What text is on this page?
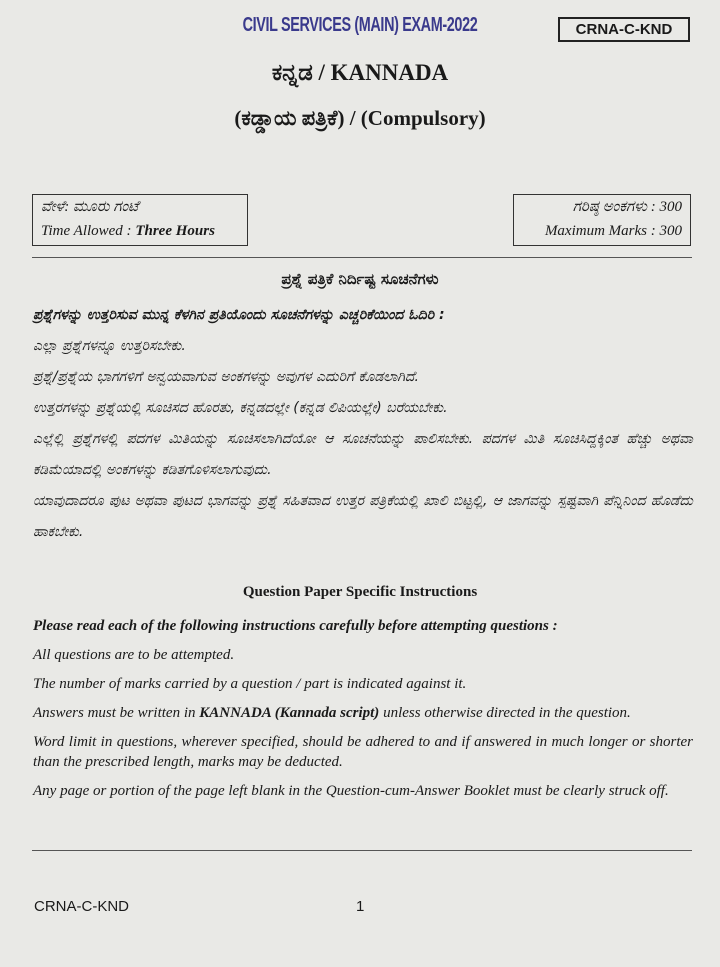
CIVIL SERVICES (MAIN) EXAM-2022	CRNA-C-KND
ಕನ್ನಡ / KANNADA
(ಕಡ್ಡಾಯ ಪತ್ರಿಕೆ) / (Compulsory)
ವೇಳೆ: ಮೂರು ಗಂಟೆ
Time Allowed : Three Hours
ಗರಿಷ್ಠ ಅಂಕಗಳು : 300
Maximum Marks : 300
ಪ್ರಶ್ನೆ ಪತ್ರಿಕೆ ನಿರ್ದಿಷ್ಟ ಸೂಚನೆಗಳು
ಪ್ರಶ್ನೆಗಳನ್ನು ಉತ್ತರಿಸುವ ಮುನ್ನ ಕೆಳಗಿನ ಪ್ರತಿಯೊಂದು ಸೂಚನೆಗಳನ್ನು ಎಚ್ಚರಿಕೆಯಿಂದ ಓದಿರಿ :
ಎಲ್ಲಾ ಪ್ರಶ್ನೆಗಳನ್ನೂ ಉತ್ತರಿಸಬೇಕು.
ಪ್ರಶ್ನೆ/ಪ್ರಶ್ನೆಯ ಭಾಗಗಳಿಗೆ ಅನ್ವಯವಾಗುವ ಅಂಕಗಳನ್ನು ಅವುಗಳ ಎದುರಿಗೆ ಕೊಡಲಾಗಿದೆ.
ಉತ್ತರಗಳನ್ನು ಪ್ರಶ್ನೆಯಲ್ಲಿ ಸೂಚಿಸದ ಹೊರತು, ಕನ್ನಡದಲ್ಲೇ (ಕನ್ನಡ ಲಿಪಿಯಲ್ಲೇ) ಬರೆಯಬೇಕು.
ಎಲ್ಲೆಲ್ಲಿ ಪ್ರಶ್ನೆಗಳಲ್ಲಿ ಪದಗಳ ಮಿತಿಯನ್ನು ಸೂಚಿಸಲಾಗಿದೆಯೋ ಆ ಸೂಚನೆಯನ್ನು ಪಾಲಿಸಬೇಕು. ಪದಗಳ ಮಿತಿ ಸೂಚಿಸಿದ್ದಕ್ಕಿಂತ ಹೆಚ್ಚು ಅಥವಾ ಕಡಿಮೆಯಾದಲ್ಲಿ ಅಂಕಗಳನ್ನು ಕಡಿತಗೊಳಿಸಲಾಗುವುದು.
ಯಾವುದಾದರೂ ಪುಟ ಅಥವಾ ಪುಟದ ಭಾಗವನ್ನು ಪ್ರಶ್ನೆ ಸಹಿತವಾದ ಉತ್ತರ ಪತ್ರಿಕೆಯಲ್ಲಿ ಖಾಲಿ ಬಿಟ್ಟಲ್ಲಿ, ಆ ಜಾಗವನ್ನು ಸ್ಪಷ್ಟವಾಗಿ ಪೆನ್ನಿನಿಂದ ಹೊಡೆದು ಹಾಕಬೇಕು.
Question Paper Specific Instructions
Please read each of the following instructions carefully before attempting questions :
All questions are to be attempted.
The number of marks carried by a question / part is indicated against it.
Answers must be written in KANNADA (Kannada script) unless otherwise directed in the question.
Word limit in questions, wherever specified, should be adhered to and if answered in much longer or shorter than the prescribed length, marks may be deducted.
Any page or portion of the page left blank in the Question-cum-Answer Booklet must be clearly struck off.
CRNA-C-KND	1
